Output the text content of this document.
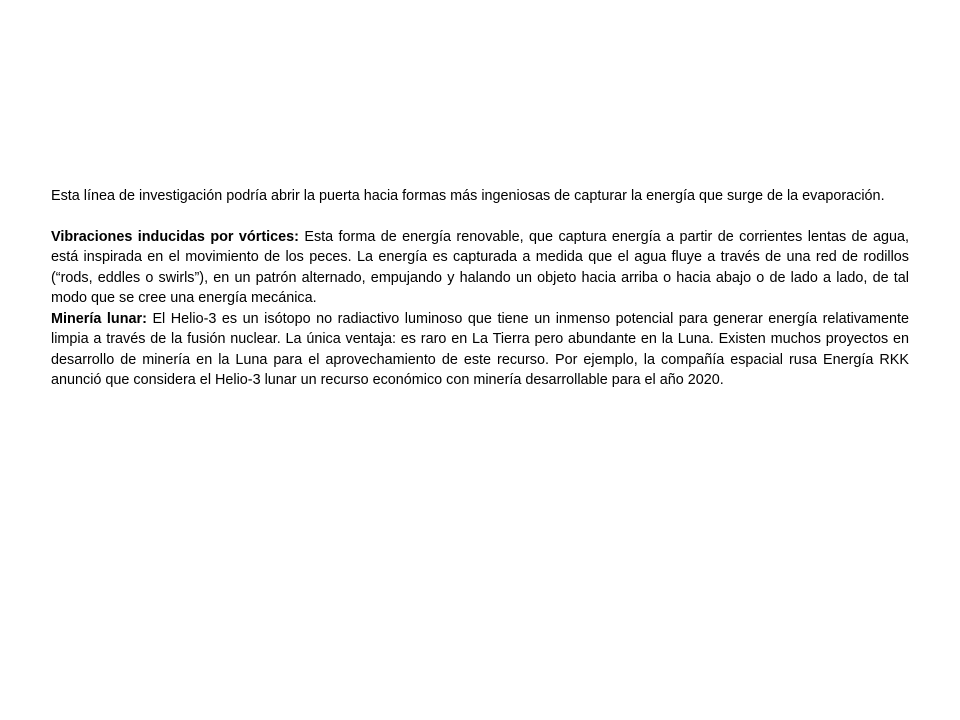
Esta línea de investigación podría abrir la puerta hacia formas más ingeniosas de capturar la energía que surge de la evaporación.

Vibraciones inducidas por vórtices: Esta forma de energía renovable, que captura energía a partir de corrientes lentas de agua, está inspirada en el movimiento de los peces. La energía es capturada a medida que el agua fluye a través de una red de rodillos (“rods, eddles o swirls”), en un patrón alternado, empujando y halando un objeto hacia arriba o hacia abajo o de lado a lado, de tal modo que se cree una energía mecánica.

Minería lunar: El Helio-3 es un isótopo no radiactivo luminoso que tiene un inmenso potencial para generar energía relativamente limpia a través de la fusión nuclear. La única ventaja: es raro en La Tierra pero abundante en la Luna. Existen muchos proyectos en desarrollo de minería en la Luna para el aprovechamiento de este recurso. Por ejemplo, la compañía espacial rusa Energía RKK anunció que considera el Helio-3 lunar un recurso económico con minería desarrollable para el año 2020.
